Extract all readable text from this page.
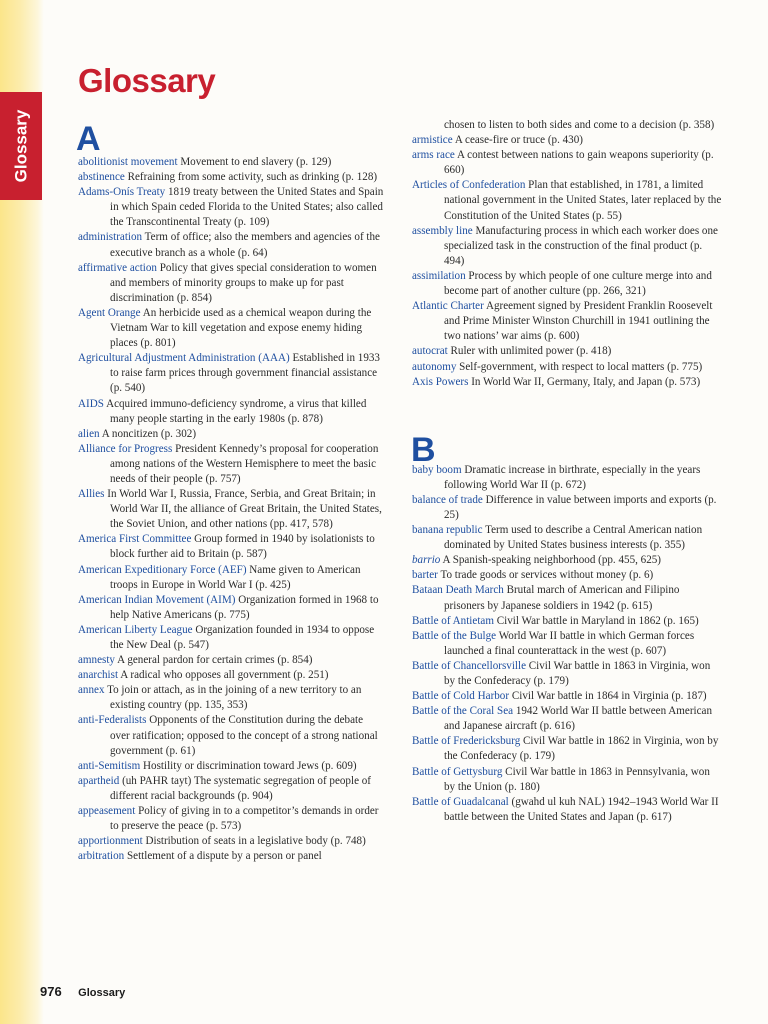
Glossary
Glossary
A

abolitionist movement Movement to end slavery (p. 129)

abstinence Refraining from some activity, such as drinking (p. 128)

Adams-Onís Treaty 1819 treaty between the United States and Spain in which Spain ceded Florida to the United States; also called the Transcontinental Treaty (p. 109)

administration Term of office; also the members and agencies of the executive branch as a whole (p. 64)

affirmative action Policy that gives special consideration to women and members of minority groups to make up for past discrimination (p. 854)

Agent Orange An herbicide used as a chemical weapon during the Vietnam War to kill vegetation and expose enemy hiding places (p. 801)

Agricultural Adjustment Administration (AAA) Established in 1933 to raise farm prices through government financial assistance (p. 540)

AIDS Acquired immuno-deficiency syndrome, a virus that killed many people starting in the early 1980s (p. 878)

alien A noncitizen (p. 302)

Alliance for Progress President Kennedy’s proposal for cooperation among nations of the Western Hemisphere to meet the basic needs of their people (p. 757)

Allies In World War I, Russia, France, Serbia, and Great Britain; in World War II, the alliance of Great Britain, the United States, the Soviet Union, and other nations (pp. 417, 578)

America First Committee Group formed in 1940 by isolationists to block further aid to Britain (p. 587)

American Expeditionary Force (AEF) Name given to American troops in Europe in World War I (p. 425)

American Indian Movement (AIM) Organization formed in 1968 to help Native Americans (p. 775)

American Liberty League Organization founded in 1934 to oppose the New Deal (p. 547)

amnesty A general pardon for certain crimes (p. 854)

anarchist A radical who opposes all government (p. 251)

annex To join or attach, as in the joining of a new territory to an existing country (pp. 135, 353)

anti-Federalists Opponents of the Constitution during the debate over ratification; opposed to the concept of a strong national government (p. 61)

anti-Semitism Hostility or discrimination toward Jews (p. 609)

apartheid (uh PAHR tayt) The systematic segregation of people of different racial backgrounds (p. 904)

appeasement Policy of giving in to a competitor’s demands in order to preserve the peace (p. 573)

apportionment Distribution of seats in a legislative body (p. 748)

arbitration Settlement of a dispute by a person or panel

chosen to listen to both sides and come to a decision (p. 358)

armistice A cease-fire or truce (p. 430)

arms race A contest between nations to gain weapons superiority (p. 660)

Articles of Confederation Plan that established, in 1781, a limited national government in the United States, later replaced by the Constitution of the United States (p. 55)

assembly line Manufacturing process in which each worker does one specialized task in the construction of the final product (p. 494)

assimilation Process by which people of one culture merge into and become part of another culture (pp. 266, 321)

Atlantic Charter Agreement signed by President Franklin Roosevelt and Prime Minister Winston Churchill in 1941 outlining the two nations’ war aims (p. 600)

autocrat Ruler with unlimited power (p. 418)

autonomy Self-government, with respect to local matters (p. 775)

Axis Powers In World War II, Germany, Italy, and Japan (p. 573)

B

baby boom Dramatic increase in birthrate, especially in the years following World War II (p. 672)

balance of trade Difference in value between imports and exports (p. 25)

banana republic Term used to describe a Central American nation dominated by United States business interests (p. 355)

barrio A Spanish-speaking neighborhood (pp. 455, 625)

barter To trade goods or services without money (p. 6)

Bataan Death March Brutal march of American and Filipino prisoners by Japanese soldiers in 1942 (p. 615)

Battle of Antietam Civil War battle in Maryland in 1862 (p. 165)

Battle of the Bulge World War II battle in which German forces launched a final counterattack in the west (p. 607)

Battle of Chancellorsville Civil War battle in 1863 in Virginia, won by the Confederacy (p. 179)

Battle of Cold Harbor Civil War battle in 1864 in Virginia (p. 187)

Battle of the Coral Sea 1942 World War II battle between American and Japanese aircraft (p. 616)

Battle of Fredericksburg Civil War battle in 1862 in Virginia, won by the Confederacy (p. 179)

Battle of Gettysburg Civil War battle in 1863 in Pennsylvania, won by the Union (p. 180)

Battle of Guadalcanal (gwahd ul kuh NAL) 1942–1943 World War II battle between the United States and Japan (p. 617)

976 Glossary
